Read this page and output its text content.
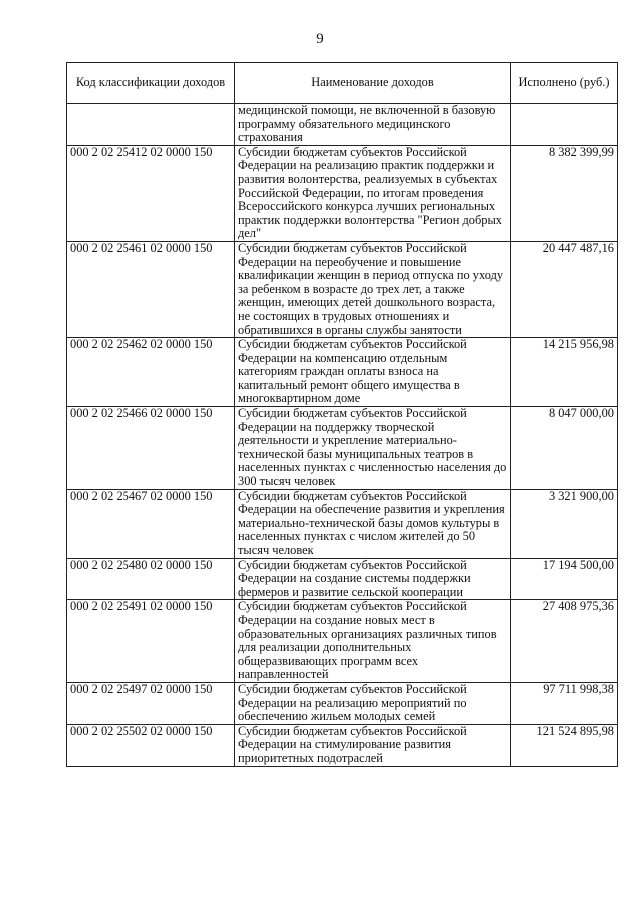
9
Код классификации доходов	Наименование доходов	Исполнено (руб.)
	медицинской помощи, не включенной в базовую программу обязательного медицинского страхования	
000 2 02 25412 02 0000 150	Субсидии бюджетам субъектов Российской Федерации на реализацию практик поддержки и развития волонтерства, реализуемых в субъектах Российской Федерации, по итогам проведения Всероссийского конкурса лучших региональных практик поддержки волонтерства "Регион добрых дел"	8 382 399,99
000 2 02 25461 02 0000 150	Субсидии бюджетам субъектов Российской Федерации на переобучение и повышение квалификации женщин в период отпуска по уходу за ребенком в возрасте до трех лет, а также женщин, имеющих детей дошкольного возраста, не состоящих в трудовых отношениях и обратившихся в органы службы занятости	20 447 487,16
000 2 02 25462 02 0000 150	Субсидии бюджетам субъектов Российской Федерации на компенсацию отдельным категориям граждан оплаты взноса на капитальный ремонт общего имущества в многоквартирном доме	14 215 956,98
000 2 02 25466 02 0000 150	Субсидии бюджетам субъектов Российской Федерации на поддержку творческой деятельности и укрепление материально-технической базы муниципальных театров в населенных пунктах с численностью населения до 300 тысяч человек	8 047 000,00
000 2 02 25467 02 0000 150	Субсидии бюджетам субъектов Российской Федерации на обеспечение развития и укрепления материально-технической базы домов культуры в населенных пунктах с числом жителей до 50 тысяч человек	3 321 900,00
000 2 02 25480 02 0000 150	Субсидии бюджетам субъектов Российской Федерации на создание системы поддержки фермеров и развитие сельской кооперации	17 194 500,00
000 2 02 25491 02 0000 150	Субсидии бюджетам субъектов Российской Федерации на создание новых мест в образовательных организациях различных типов для реализации дополнительных общеразвивающих программ всех направленностей	27 408 975,36
000 2 02 25497 02 0000 150	Субсидии бюджетам субъектов Российской Федерации на реализацию мероприятий по обеспечению жильем молодых семей	97 711 998,38
000 2 02 25502 02 0000 150	Субсидии бюджетам субъектов Российской Федерации на стимулирование развития приоритетных подотраслей	121 524 895,98
